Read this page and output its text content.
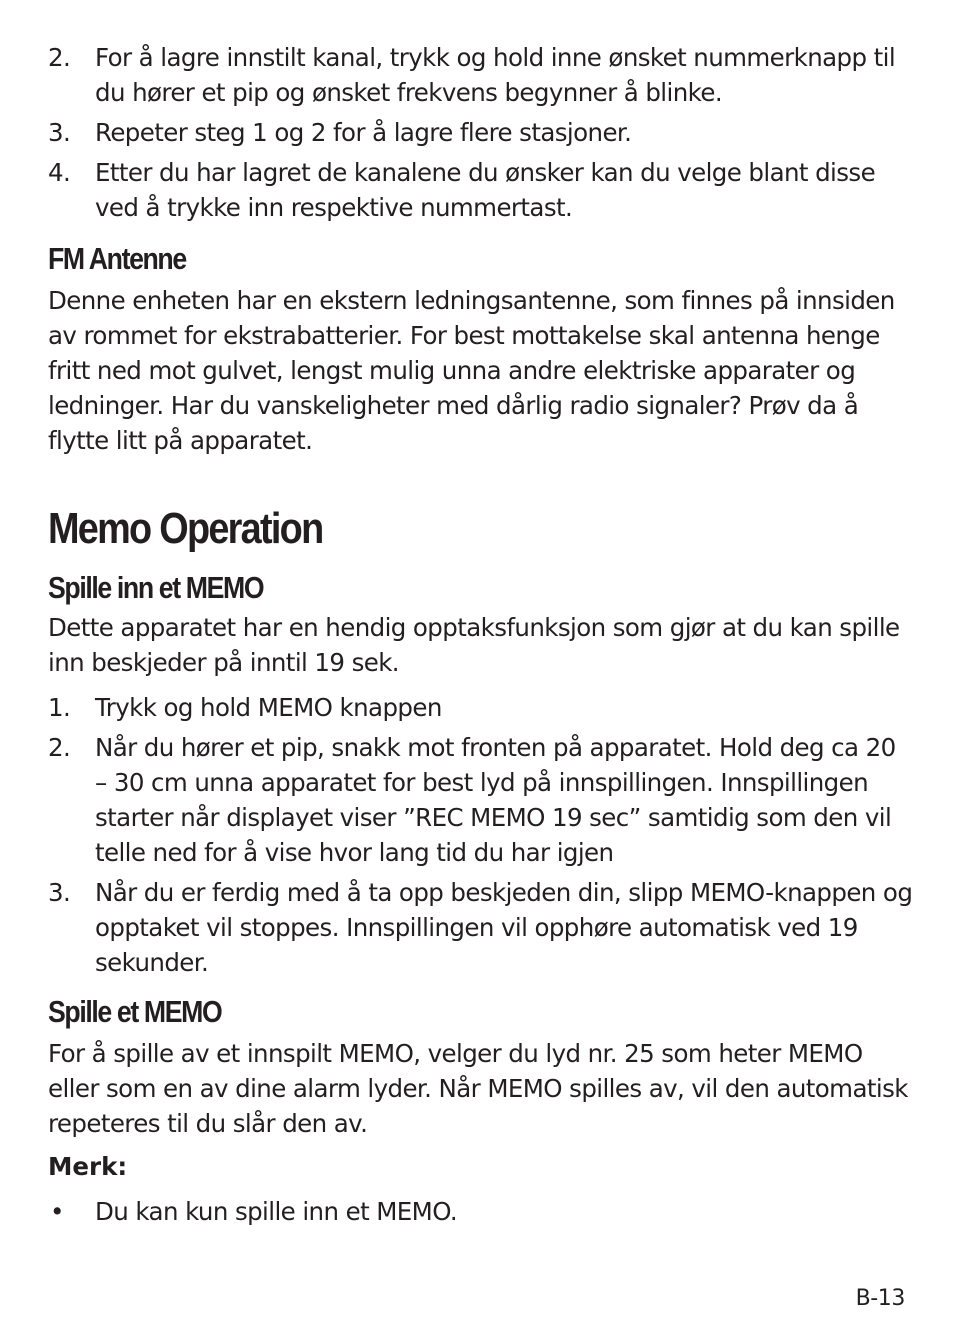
2. For å lagre innstilt kanal, trykk og hold inne ønsket nummerknapp til du hører et pip og ønsket frekvens begynner å blinke.
3. Repeter steg 1 og 2 for å lagre flere stasjoner.
4. Etter du har lagret de kanalene du ønsker kan du velge blant disse ved å trykke inn respektive nummertast.
FM Antenne

Denne enheten har en ekstern ledningsantenne, som finnes på innsiden av rommet for ekstrabatterier. For best mottakelse skal antenna henge fritt ned mot gulvet, lengst mulig unna andre elektriske apparater og ledninger. Har du vanskeligheter med dårlig radio signaler? Prøv da å flytte litt på apparatet.

Memo Operation
Spille inn et MEMO

Dette apparatet har en hendig opptaksfunksjon som gjør at du kan spille inn beskjeder på inntil 19 sek.

1. Trykk og hold MEMO knappen
2. Når du hører et pip, snakk mot fronten på apparatet. Hold deg ca 20 – 30 cm unna apparatet for best lyd på innspillingen. Innspillingen starter når displayet viser ”REC MEMO 19 sec” samtidig som den vil telle ned for å vise hvor lang tid du har igjen
3. Når du er ferdig med å ta opp beskjeden din, slipp MEMO-knappen og opptaket vil stoppes. Innspillingen vil opphøre automatisk ved 19 sekunder.
Spille et MEMO

For å spille av et innspilt MEMO, velger du lyd nr. 25 som heter MEMO eller som en av dine alarm lyder. Når MEMO spilles av, vil den automatisk repeteres til du slår den av.

Merk:

• Du kan kun spille inn et MEMO.
B-13
